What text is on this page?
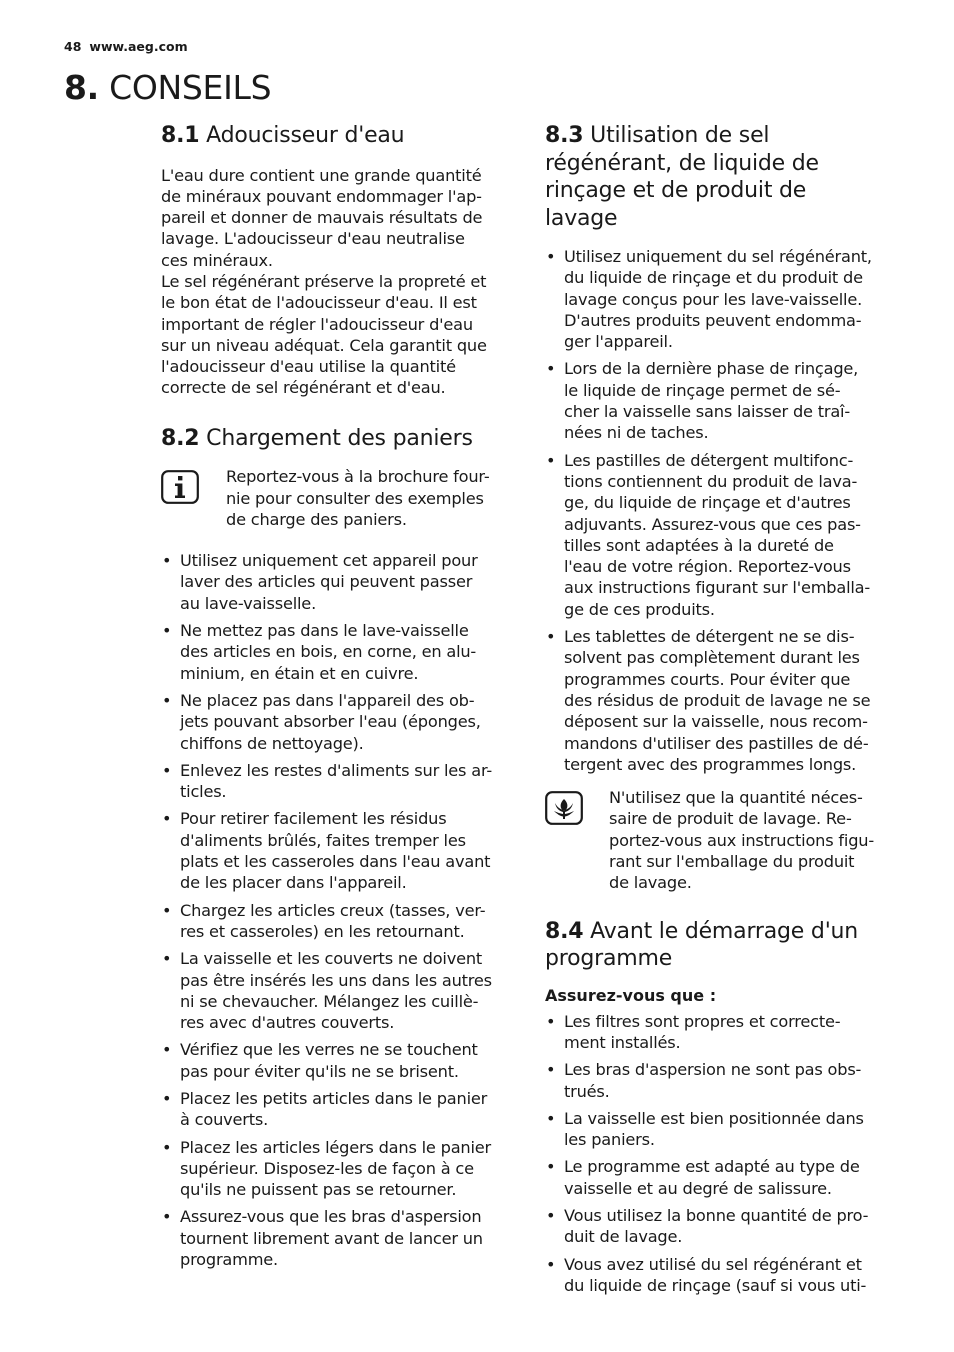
48 www.aeg.com
8. CONSEILS
8.1 Adoucisseur d'eau
L'eau dure contient une grande quantité
de minéraux pouvant endommager l'ap-
pareil et donner de mauvais résultats de
lavage. L'adoucisseur d'eau neutralise
ces minéraux.
Le sel régénérant préserve la propreté et
le bon état de l'adoucisseur d'eau. Il est
important de régler l'adoucisseur d'eau
sur un niveau adéquat. Cela garantit que
l'adoucisseur d'eau utilise la quantité
correcte de sel régénérant et d'eau.
8.2 Chargement des paniers
Reportez-vous à la brochure four-
nie pour consulter des exemples
de charge des paniers.
• Utilisez uniquement cet appareil pour
laver des articles qui peuvent passer
au lave-vaisselle.
• Ne mettez pas dans le lave-vaisselle
des articles en bois, en corne, en alu-
minium, en étain et en cuivre.
• Ne placez pas dans l'appareil des ob-
jets pouvant absorber l'eau (éponges,
chiffons de nettoyage).
• Enlevez les restes d'aliments sur les ar-
ticles.
• Pour retirer facilement les résidus
d'aliments brûlés, faites tremper les
plats et les casseroles dans l'eau avant
de les placer dans l'appareil.
• Chargez les articles creux (tasses, ver-
res et casseroles) en les retournant.
• La vaisselle et les couverts ne doivent
pas être insérés les uns dans les autres
ni se chevaucher. Mélangez les cuillè-
res avec d'autres couverts.
• Vérifiez que les verres ne se touchent
pas pour éviter qu'ils ne se brisent.
• Placez les petits articles dans le panier
à couverts.
• Placez les articles légers dans le panier
supérieur. Disposez-les de façon à ce
qu'ils ne puissent pas se retourner.
• Assurez-vous que les bras d'aspersion
tournent librement avant de lancer un
programme.
8.3 Utilisation de sel
régénérant, de liquide de
rinçage et de produit de
lavage
• Utilisez uniquement du sel régénérant,
du liquide de rinçage et du produit de
lavage conçus pour les lave-vaisselle.
D'autres produits peuvent endomma-
ger l'appareil.
• Lors de la dernière phase de rinçage,
le liquide de rinçage permet de sé-
cher la vaisselle sans laisser de traî-
nées ni de taches.
• Les pastilles de détergent multifonc-
tions contiennent du produit de lava-
ge, du liquide de rinçage et d'autres
adjuvants. Assurez-vous que ces pas-
tilles sont adaptées à la dureté de
l'eau de votre région. Reportez-vous
aux instructions figurant sur l'emballa-
ge de ces produits.
• Les tablettes de détergent ne se dis-
solvent pas complètement durant les
programmes courts. Pour éviter que
des résidus de produit de lavage ne se
déposent sur la vaisselle, nous recom-
mandons d'utiliser des pastilles de dé-
tergent avec des programmes longs.
N'utilisez que la quantité néces-
saire de produit de lavage. Re-
portez-vous aux instructions figu-
rant sur l'emballage du produit
de lavage.
8.4 Avant le démarrage d'un
programme

Assurez-vous que :

• Les filtres sont propres et correcte-
ment installés.
• Les bras d'aspersion ne sont pas obs-
trués.
• La vaisselle est bien positionnée dans
les paniers.
• Le programme est adapté au type de
vaisselle et au degré de salissure.
• Vous utilisez la bonne quantité de pro-
duit de lavage.
• Vous avez utilisé du sel régénérant et
du liquide de rinçage (sauf si vous uti-
